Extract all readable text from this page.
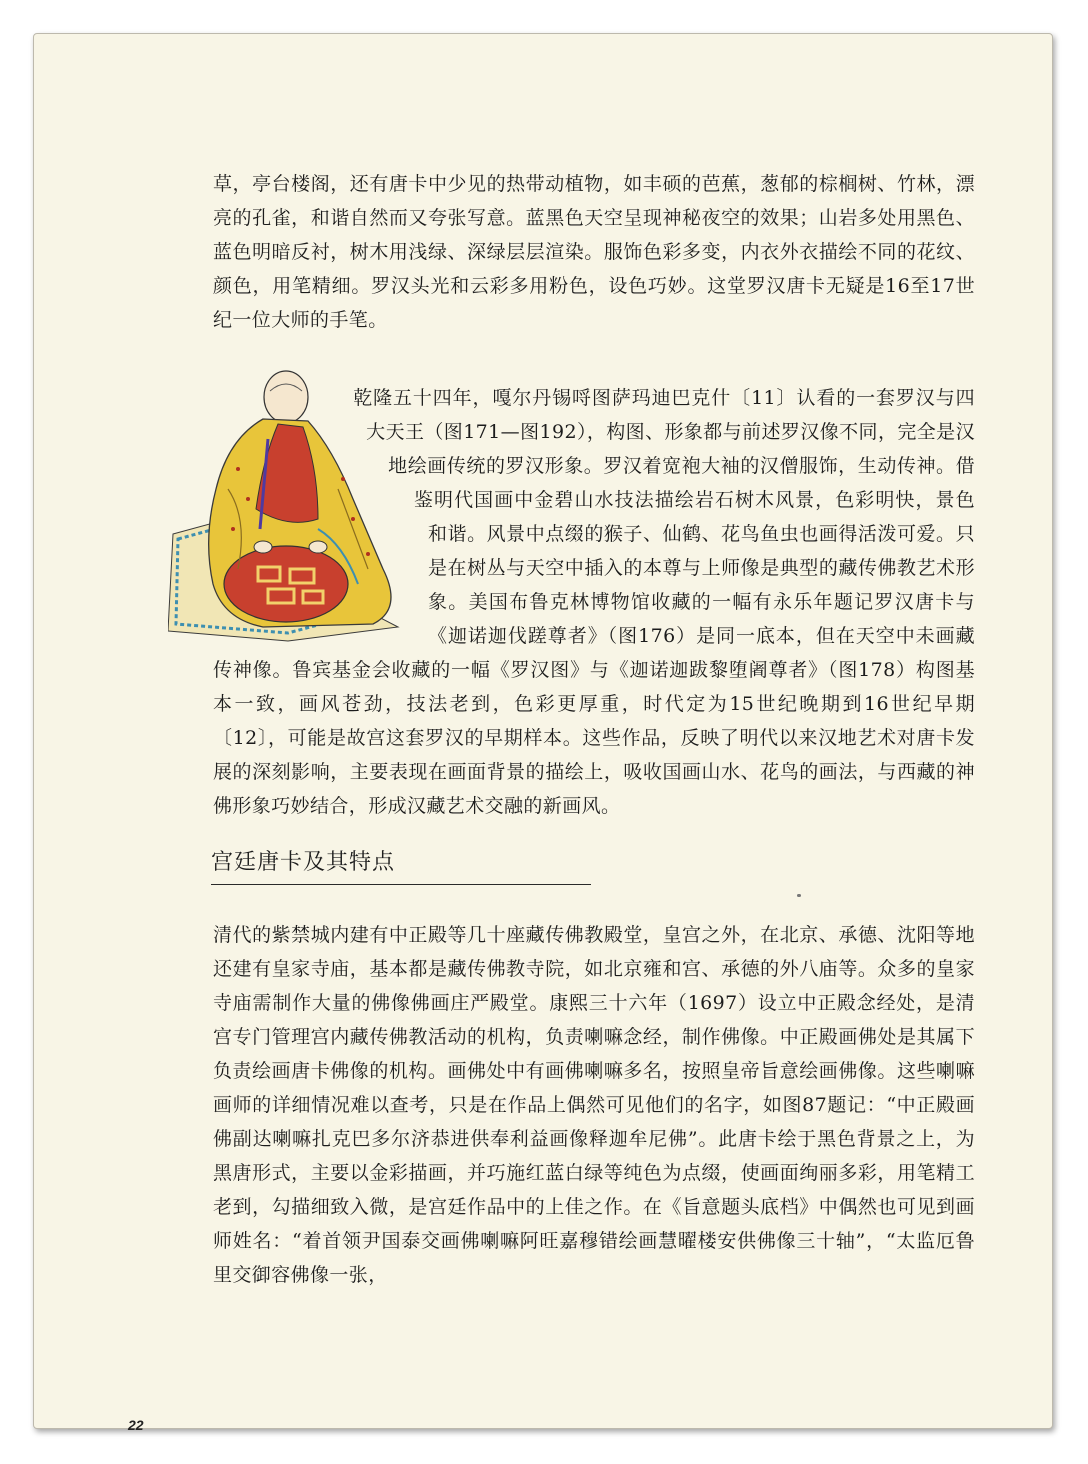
草，亭台楼阁，还有唐卡中少见的热带动植物，如丰硕的芭蕉，葱郁的棕榈树、竹林，漂亮的孔雀，和谐自然而又夸张写意。蓝黑色天空呈现神秘夜空的效果；山岩多处用黑色、蓝色明暗反衬，树木用浅绿、深绿层层渲染。服饰色彩多变，内衣外衣描绘不同的花纹、颜色，用笔精细。罗汉头光和云彩多用粉色，设色巧妙。这堂罗汉唐卡无疑是16至17世纪一位大师的手笔。

乾隆五十四年，嘎尔丹锡哷图萨玛迪巴克什〔11〕认看的一套罗汉与四大天王（图171—图192），构图、形象都与前述罗汉像不同，完全是汉地绘画传统的罗汉形象。罗汉着宽袍大袖的汉僧服饰，生动传神。借鉴明代国画中金碧山水技法描绘岩石树木风景，色彩明快，景色和谐。风景中点缀的猴子、仙鹤、花鸟鱼虫也画得活泼可爱。只是在树丛与天空中插入的本尊与上师像是典型的藏传佛教艺术形象。美国布鲁克林博物馆收藏的一幅有永乐年题记罗汉唐卡与《迦诺迦伐蹉尊者》（图176）是同一底本，但在天空中未画藏传神像。鲁宾基金会收藏的一幅《罗汉图》与《迦诺迦跋黎堕阇尊者》（图178）构图基本一致，画风苍劲，技法老到，色彩更厚重，时代定为15世纪晚期到16世纪早期〔12〕，可能是故宫这套罗汉的早期样本。这些作品，反映了明代以来汉地艺术对唐卡发展的深刻影响，主要表现在画面背景的描绘上，吸收国画山水、花鸟的画法，与西藏的神佛形象巧妙结合，形成汉藏艺术交融的新画风。
宫廷唐卡及其特点

清代的紫禁城内建有中正殿等几十座藏传佛教殿堂，皇宫之外，在北京、承德、沈阳等地还建有皇家寺庙，基本都是藏传佛教寺院，如北京雍和宫、承德的外八庙等。众多的皇家寺庙需制作大量的佛像佛画庄严殿堂。康熙三十六年（1697）设立中正殿念经处，是清宫专门管理宫内藏传佛教活动的机构，负责喇嘛念经，制作佛像。中正殿画佛处是其属下负责绘画唐卡佛像的机构。画佛处中有画佛喇嘛多名，按照皇帝旨意绘画佛像。这些喇嘛画师的详细情况难以查考，只是在作品上偶然可见他们的名字，如图87题记：“中正殿画佛副达喇嘛扎克巴多尔济恭进供奉利益画像释迦牟尼佛”。此唐卡绘于黑色背景之上，为黑唐形式，主要以金彩描画，并巧施红蓝白绿等纯色为点缀，使画面绚丽多彩，用笔精工老到，勾描细致入微，是宫廷作品中的上佳之作。在《旨意题头底档》中偶然也可见到画师姓名：“着首领尹国泰交画佛喇嘛阿旺嘉穆错绘画慧曜楼安供佛像三十轴”，“太监厄鲁里交御容佛像一张，

22
